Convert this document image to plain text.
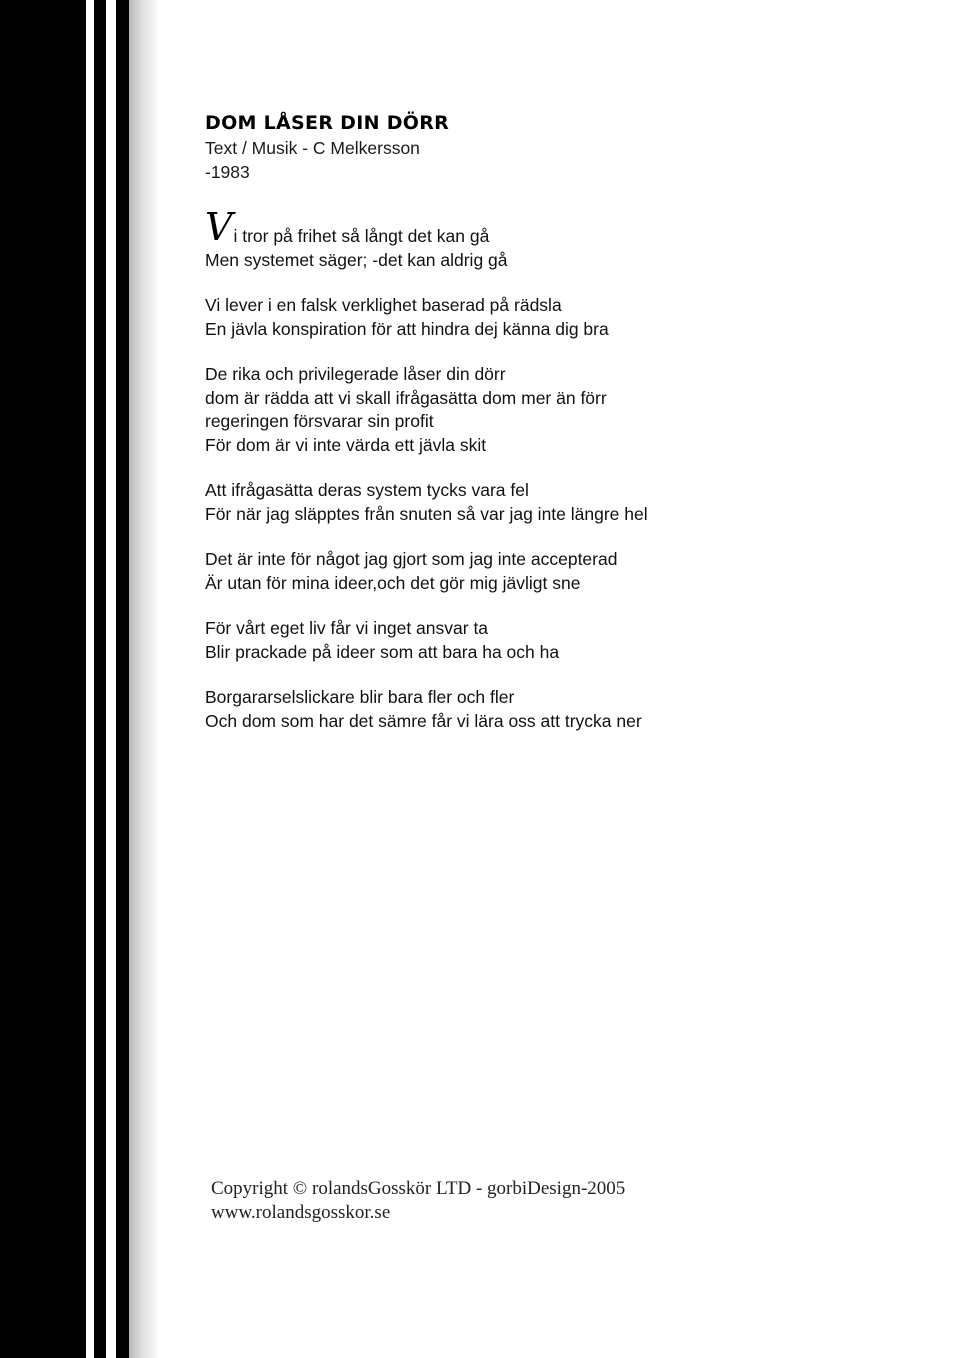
DOM LÅSER DIN DÖRR
Text / Musik - C Melkersson
-1983
Vi tror på frihet så långt det kan gå
Men systemet säger; -det kan aldrig gå
Vi lever i en falsk verklighet baserad på rädsla
En jävla konspiration för att hindra dej känna dig bra
De rika och privilegerade låser din dörr
dom är rädda att vi skall ifrågasätta dom mer än förr
regeringen försvarar sin profit
För dom är vi inte värda ett jävla skit
Att ifrågasätta deras system tycks vara fel
För när jag släpptes från snuten så var jag inte längre hel
Det är inte för något jag gjort som jag inte accepterad
Är utan för mina ideer,och det gör mig jävligt sne
För vårt eget liv får vi inget ansvar ta
Blir prackade på ideer som att bara ha och ha
Borgararselslickare blir bara fler och fler
Och dom som har det sämre får vi lära oss att trycka ner
Copyright © rolandsGosskör LTD - gorbiDesign-2005
www.rolandsgosskor.se
